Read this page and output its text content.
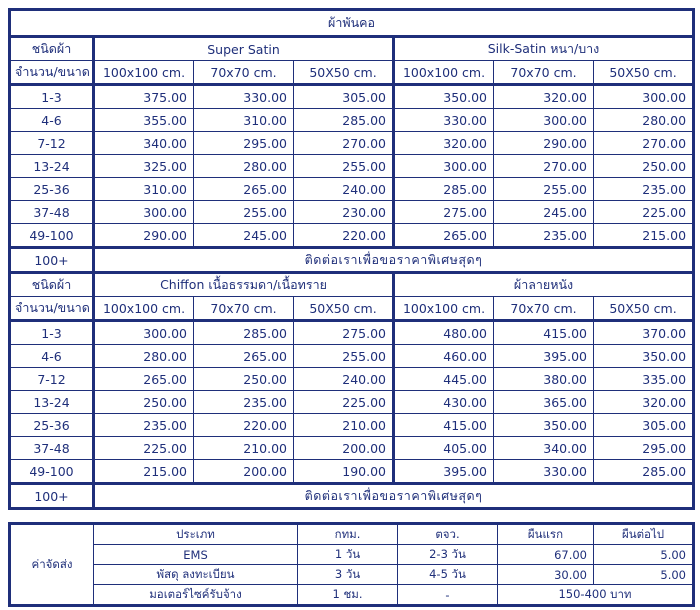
ผ้าพันคอ						
ชนิดผ้า	Super Satin			Silk-Satin หนา/บาง		
จำนวน/ขนาด	100x100 cm.	70x70 cm.	50X50 cm.	100x100 cm.	70x70 cm.	50X50 cm.
1-3	375.00	330.00	305.00	350.00	320.00	300.00
4-6	355.00	310.00	285.00	330.00	300.00	280.00
7-12	340.00	295.00	270.00	320.00	290.00	270.00
13-24	325.00	280.00	255.00	300.00	270.00	250.00
25-36	310.00	265.00	240.00	285.00	255.00	235.00
37-48	300.00	255.00	230.00	275.00	245.00	225.00
49-100	290.00	245.00	220.00	265.00	235.00	215.00
100+	ติดต่อเราเพื่อขอราคาพิเศษสุดๆ					
ชนิดผ้า	Chiffon เนื้อธรรมดา/เนื้อทราย			ผ้าลายหนัง		
จำนวน/ขนาด	100x100 cm.	70x70 cm.	50X50 cm.	100x100 cm.	70x70 cm.	50X50 cm.
1-3	300.00	285.00	275.00	480.00	415.00	370.00
4-6	280.00	265.00	255.00	460.00	395.00	350.00
7-12	265.00	250.00	240.00	445.00	380.00	335.00
13-24	250.00	235.00	225.00	430.00	365.00	320.00
25-36	235.00	220.00	210.00	415.00	350.00	305.00
37-48	225.00	210.00	200.00	405.00	340.00	295.00
49-100	215.00	200.00	190.00	395.00	330.00	285.00
100+	ติดต่อเราเพื่อขอราคาพิเศษสุดๆ					
ค่าจัดส่ง	ประเภท	กทม.	ตจว.	ผืนแรก	ผืนต่อไป
	EMS	1 วัน	2-3 วัน	67.00	5.00
	พัสดุ ลงทะเบียน	3 วัน	4-5 วัน	30.00	5.00
	มอเตอร์ไซค์รับจ้าง	1 ชม.	-	150-400 บาท	
